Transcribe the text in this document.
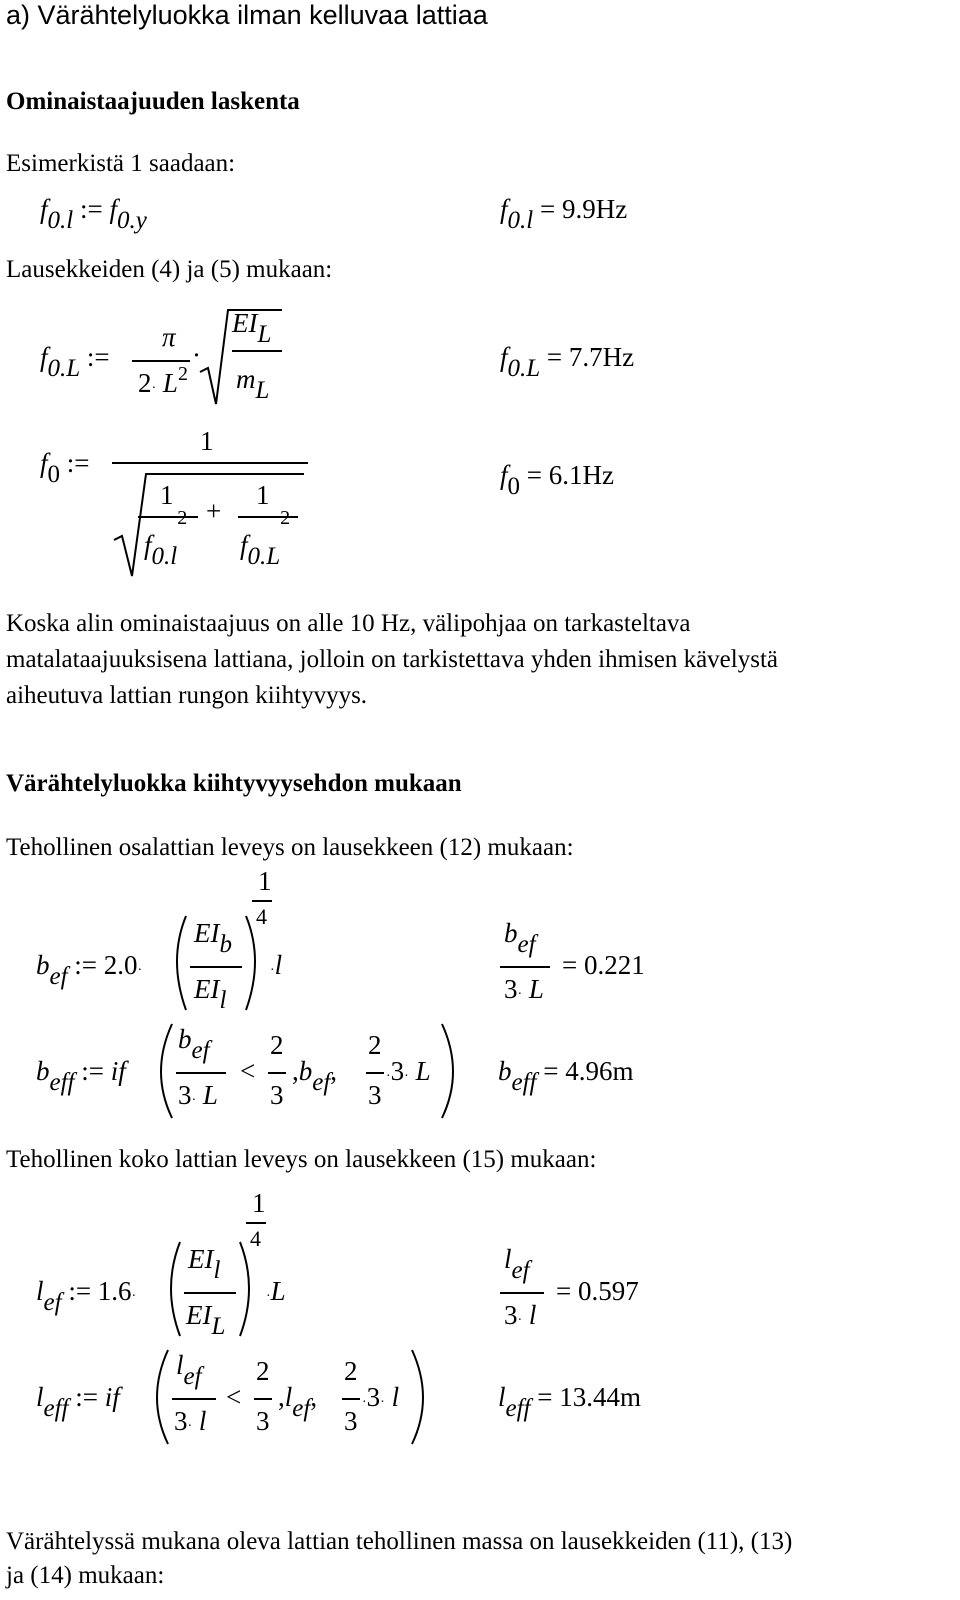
a) Värähtelyluokka ilman kelluvaa lattiaa
Ominaistaajuuden laskenta
Esimerkistä 1 saadaan:
f0.l := f0.y	f0.l = 9.9Hz
Lausekkeiden (4) ja (5) mukaan:
f0.L :=
π
$2\cdot L^2$
·
EIL
mL
f0.L = 7.7Hz
f0 :=
1
1
$f0.l^2$ +
1
$f0.L^2$
f0 = 6.1Hz
Koska alin ominaistaajuus on alle 10 Hz, välipohjaa on tarkasteltava
matalataajuuksisena lattiana, jolloin on tarkistettava yhden ihmisen kävelystä
aiheutuva lattian rungon kiihtyvyys.
Värähtelyluokka kiihtyvyysehdon mukaan
Tehollinen osalattian leveys on lausekkeen (12) mukaan:
1
4
bef := 2.0·
EIb
EIl
·l
bef
3· L
= 0.221
beff := if
bef
3· L
<
2
3
,bef,
2
3
·3· L beff = 4.96m
Tehollinen koko lattian leveys on lausekkeen (15) mukaan:
1
4
lef := 1.6·
EIl
EIL
·L
lef
3· l
= 0.597
leff := if
lef
3· l
<
2
3
,lef,
2
3
·3· l	leff = 13.44m
Värähtelyssä mukana oleva lattian tehollinen massa on lausekkeiden (11), (13)
ja (14) mukaan:
